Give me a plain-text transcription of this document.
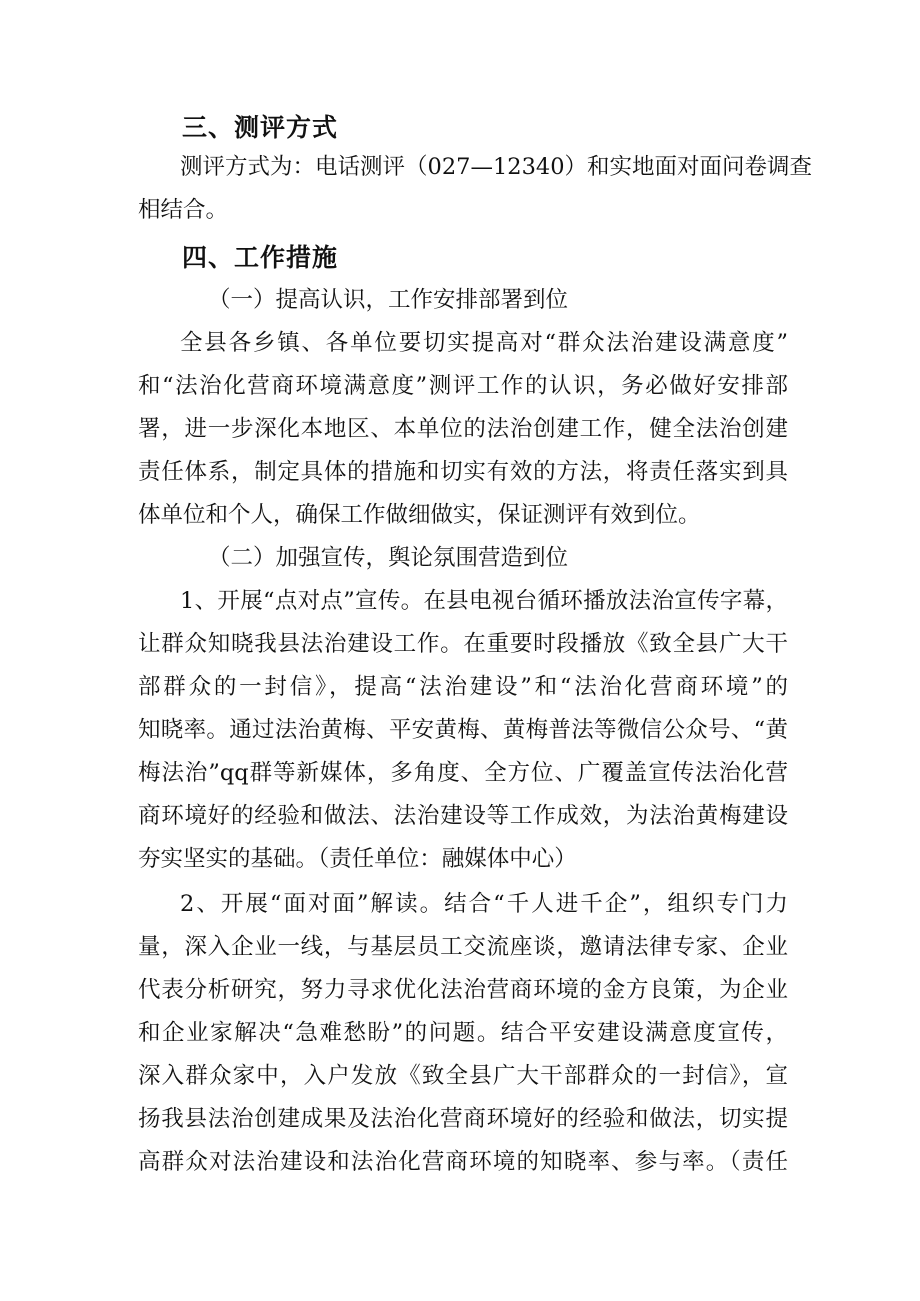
三、测评方式

测评方式为：电话测评（027—12340）和实地面对面问卷调查

相结合。

四、工作措施

（一）提高认识，工作安排部署到位

全县各乡镇、各单位要切实提高对“群众法治建设满意度”

和“法治化营商环境满意度”测评工作的认识，务必做好安排部

署，进一步深化本地区、本单位的法治创建工作，健全法治创建

责任体系，制定具体的措施和切实有效的方法，将责任落实到具

体单位和个人，确保工作做细做实，保证测评有效到位。

（二）加强宣传，舆论氛围营造到位

1、开展“点对点”宣传。在县电视台循环播放法治宣传字幕，

让群众知晓我县法治建设工作。在重要时段播放《致全县广大干

部群众的一封信》，提高“法治建设”和“法治化营商环境”的

知晓率。通过法治黄梅、平安黄梅、黄梅普法等微信公众号、“黄

梅法治”qq群等新媒体，多角度、全方位、广覆盖宣传法治化营

商环境好的经验和做法、法治建设等工作成效，为法治黄梅建设

夯实坚实的基础。（责任单位：融媒体中心）

2、开展“面对面”解读。结合“千人进千企”，组织专门力

量，深入企业一线，与基层员工交流座谈，邀请法律专家、企业

代表分析研究，努力寻求优化法治营商环境的金方良策，为企业

和企业家解决“急难愁盼”的问题。结合平安建设满意度宣传，

深入群众家中，入户发放《致全县广大干部群众的一封信》，宣

扬我县法治创建成果及法治化营商环境好的经验和做法，切实提

高群众对法治建设和法治化营商环境的知晓率、参与率。（责任
